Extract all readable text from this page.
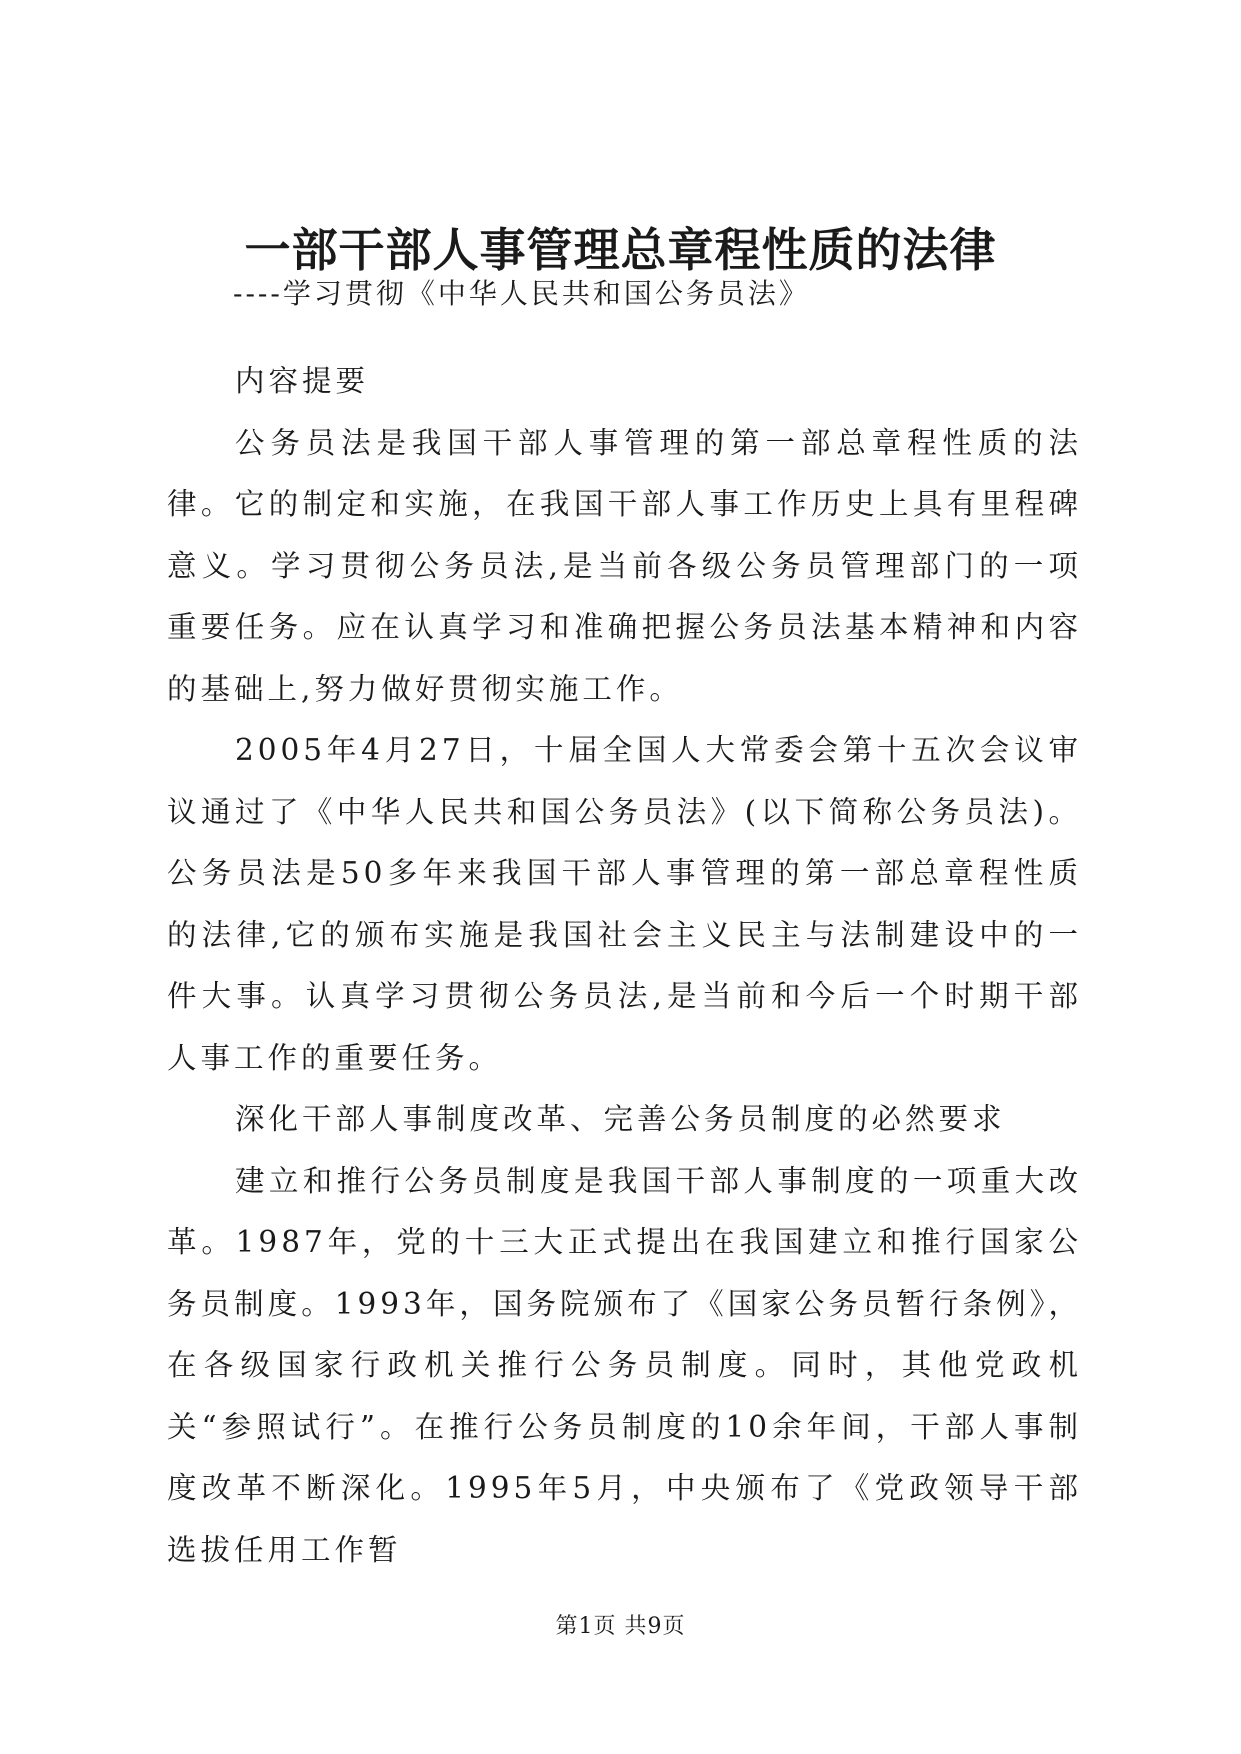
一部干部人事管理总章程性质的法律
----学习贯彻《中华人民共和国公务员法》

内容提要

公务员法是我国干部人事管理的第一部总章程性质的法律。它的制定和实施，在我国干部人事工作历史上具有里程碑意义。学习贯彻公务员法,是当前各级公务员管理部门的一项重要任务。应在认真学习和准确把握公务员法基本精神和内容的基础上,努力做好贯彻实施工作。

2005年4月27日，十届全国人大常委会第十五次会议审议通过了《中华人民共和国公务员法》(以下简称公务员法)。公务员法是50多年来我国干部人事管理的第一部总章程性质的法律,它的颁布实施是我国社会主义民主与法制建设中的一件大事。认真学习贯彻公务员法,是当前和今后一个时期干部人事工作的重要任务。

深化干部人事制度改革、完善公务员制度的必然要求

建立和推行公务员制度是我国干部人事制度的一项重大改革。1987年，党的十三大正式提出在我国建立和推行国家公务员制度。1993年，国务院颁布了《国家公务员暂行条例》，在各级国家行政机关推行公务员制度。同时，其他党政机关“参照试行”。在推行公务员制度的10余年间，干部人事制度改革不断深化。1995年5月，中央颁布了《党政领导干部选拔任用工作暂

第1页 共9页
